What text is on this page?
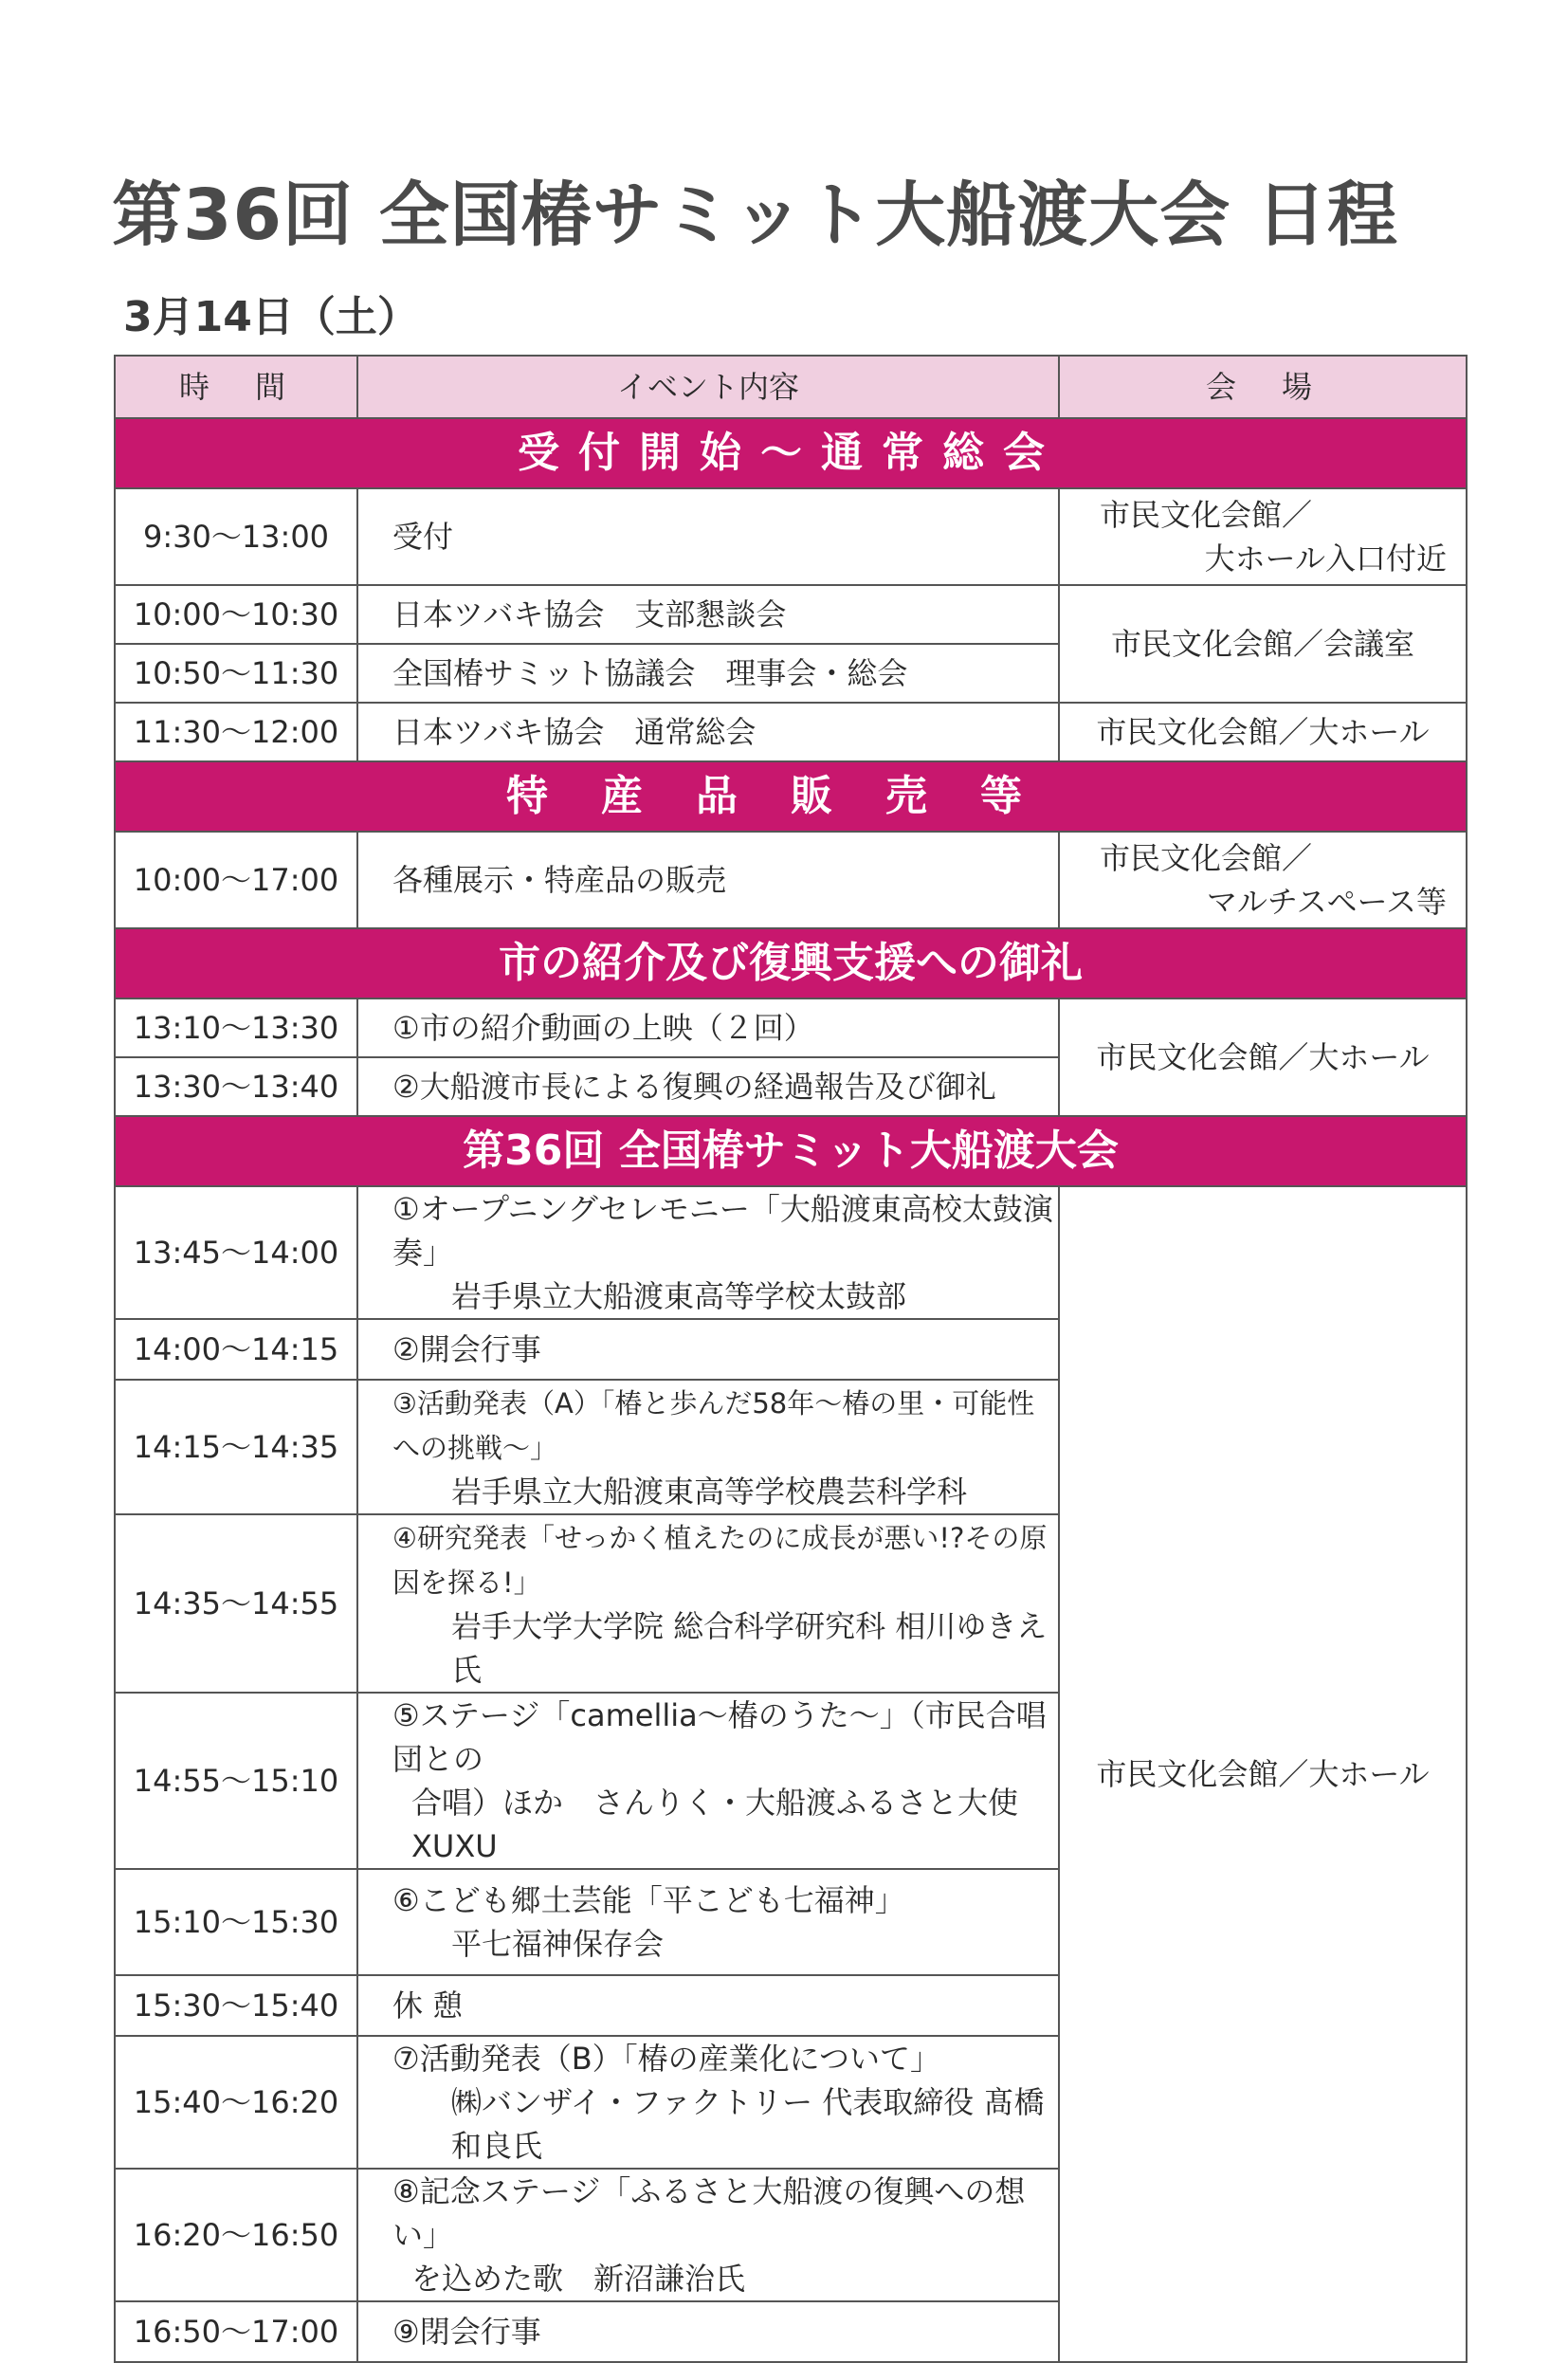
第36回 全国椿サミット大船渡大会 日程
3月14日（土）
時　間	イベント内容	会　場
受付開始～通常総会		
9:30～13:00	受付	市民文化会館／
大ホール入口付近

10:00～10:30	日本ツバキ協会　支部懇談会	市民文化会館／会議室
10:50～11:30	全国椿サミット協議会　理事会・総会	
11:30～12:00	日本ツバキ協会　通常総会	市民文化会館／大ホール
特産品販売等		
10:00～17:00	各種展示・特産品の販売	市民文化会館／
マルチスペース等

市の紹介及び復興支援への御礼		
13:10～13:30	①市の紹介動画の上映（２回）	市民文化会館／大ホール
13:30～13:40	②大船渡市長による復興の経過報告及び御礼	
第36回 全国椿サミット大船渡大会		
13:45～14:00	①オープニングセレモニー「大船渡東高校太鼓演奏」
岩手県立大船渡東高等学校太鼓部	市民文化会館／大ホール
14:00～14:15	②開会行事	
14:15～14:35	③活動発表（A）「椿と歩んだ58年～椿の里・可能性への挑戦～」
岩手県立大船渡東高等学校農芸科学科	

14:35～14:55	④研究発表「せっかく植えたのに成長が悪い!?その原因を探る!」
岩手大学大学院 総合科学研究科 相川ゆきえ氏	

14:55～15:10	⑤ステージ「camellia～椿のうた～」（市民合唱団との
合唱）ほか　さんりく・大船渡ふるさと大使XUXU	

15:10～15:30	⑥こども郷土芸能「平こども七福神」
平七福神保存会	

15:30～15:40	休 憩	
15:40～16:20	⑦活動発表（B）「椿の産業化について」
㈱バンザイ・ファクトリー 代表取締役 髙橋和良氏	

16:20～16:50	⑧記念ステージ「ふるさと大船渡の復興への想い」
を込めた歌　新沼謙治氏	

16:50～17:00	⑨閉会行事	
